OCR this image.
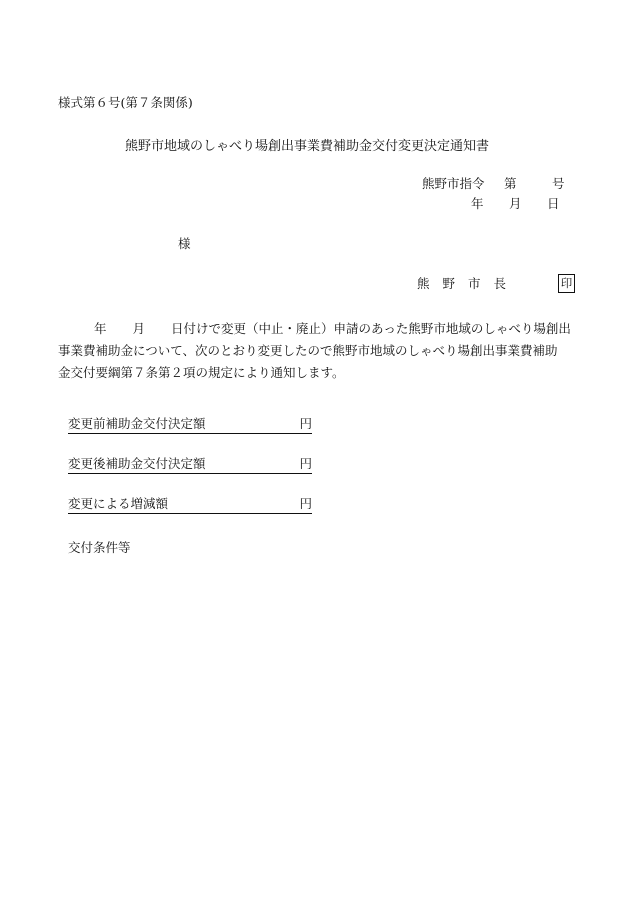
様式第６号(第７条関係)
熊野市地域のしゃべり場創出事業費補助金交付変更決定通知書
熊野市指令 第	号
年 月 日
様
熊野市長	印

年 月 日付けで変更（中止・廃止）申請のあった熊野市地域のしゃべり場創出

事業費補助金について、次のとおり変更したので熊野市地域のしゃべり場創出事業費補助

金交付要綱第７条第２項の規定により通知します。

変更前補助金交付決定額	円
変更後補助金交付決定額	円
変更による増減額	円
交付条件等
